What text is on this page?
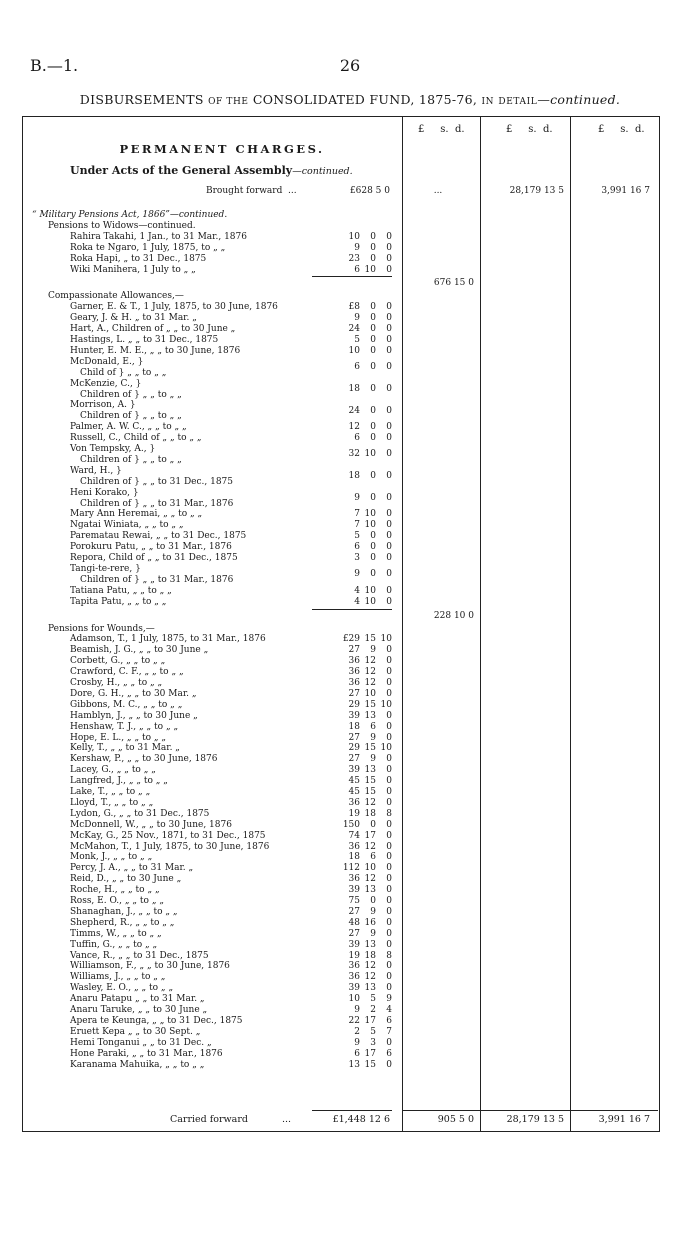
B.—1.	26
DISBURSEMENTS OF THE CONSOLIDATED FUND, 1875-76, IN DETAIL—continued.
£ s. d.	£ s. d.	£ s. d.
PERMANENT CHARGES.
Under Acts of the General Assembly—continued.
Brought forward ...	£628 5 0	...	28,179 13 5	3,991 16 7
“ Military Pensions Act, 1866”—continued.
Pensions to Widows—continued.
Rahira Takahi, 1 Jan., to 31 Mar., 1876	10	0	0
Roka te Ngaro, 1 July, 1875, to „ „	9	0	0
Roka Hapi, „ to 31 Dec., 1875	23	0	0
Wiki Manihera, 1 July to „ „	6 10	0
676 15 0
Compassionate Allowances,—
Garner, E. & T., 1 July, 1875, to 30 June, 1876	£8	0	0
Geary, J. & H. „ to 31 Mar. „	9	0	0
Hart, A., Children of „ „ to 30 June „	24	0	0
Hastings, L. „ „ to 31 Dec., 1875	5	0	0
Hunter, E. M. E., „ „ to 30 June, 1876	10	0	0
McDonald, E., }
Child of } „ „ to „ „
6	0	0
McKenzie, C., }
Children of } „ „ to „ „
18	0	0
Morrison, A. }
Children of } „ „ to „ „
24	0	0
Palmer, A. W. C., „ „ to „ „	12	0	0
Russell, C., Child of „ „ to „ „	6	0	0
Von Tempsky, A., }
Children of } „ „ to „ „
32 10	0
Ward, H., }
Children of } „ „ to 31 Dec., 1875
18	0	0
Heni Korako, }
Children of } „ „ to 31 Mar., 1876
9	0	0
Mary Ann Heremai, „ „ to „ „	7 10	0
Ngatai Winiata, „ „ to „ „	7 10	0
Parematau Rewai, „ „ to 31 Dec., 1875	5	0	0
Porokuru Patu, „ „ to 31 Mar., 1876	6	0	0
Repora, Child of „ „ to 31 Dec., 1875	3	0	0
Tangi-te-rere, }
Children of } „ „ to 31 Mar., 1876
9	0	0
Tatiana Patu, „ „ to „ „	4 10	0
Tapita Patu, „ „ to „ „	4 10	0
228 10 0
Pensions for Wounds,—
Adamson, T., 1 July, 1875, to 31 Mar., 1876	£29 15 10
Beamish, J. G., „ „ to 30 June „	27	9	0
Corbett, G., „ „ to „ „	36 12	0
Crawford, C. F., „ „ to „ „	36 12	0
Crosby, H., „ „ to „ „	36 12	0
Dore, G. H., „ „ to 30 Mar. „	27 10	0
Gibbons, M. C., „ „ to „ „	29 15 10
Hamblyn, J., „ „ to 30 June „	39 13	0
Henshaw, T. J., „ „ to „ „	18	6	0
Hope, E. L., „ „ to „ „	27	9	0
Kelly, T., „ „ to 31 Mar. „	29 15 10
Kershaw, P., „ „ to 30 June, 1876	27	9	0
Lacey, G., „ „ to „ „	39 13	0
Langfred, J., „ „ to „ „	45 15	0
Lake, T., „ „ to „ „	45 15	0
Lloyd, T., „ „ to „ „	36 12	0
Lydon, G., „ „ to 31 Dec., 1875	19 18	8
McDonnell, W., „ „ to 30 June, 1876	150	0	0
McKay, G., 25 Nov., 1871, to 31 Dec., 1875	74 17	0
McMahon, T., 1 July, 1875, to 30 June, 1876	36 12	0
Monk, J., „ „ to „ „	18	6	0
Percy, J. A., „ „ to 31 Mar. „	112 10	0
Reid, D., „ „ to 30 June „	36 12	0
Roche, H., „ „ to „ „	39 13	0
Ross, E. O., „ „ to „ „	75	0	0
Shanaghan, J., „ „ to „ „	27	9	0
Shepherd, R., „ „ to „ „	48 16	0
Timms, W., „ „ to „ „	27	9	0
Tuffin, G., „ „ to „ „	39 13	0
Vance, R., „ „ to 31 Dec., 1875	19 18	8
Williamson, F., „ „ to 30 June, 1876	36 12	0
Williams, J., „ „ to „ „	36 12	0
Wasley, E. O., „ „ to „ „	39 13	0
Anaru Patapu „ „ to 31 Mar. „	10	5	9
Anaru Taruke, „ „ to 30 June „	9	2	4
Apera te Keunga, „ „ to 31 Dec., 1875	22 17	6
Eruett Kepa „ „ to 30 Sept. „	2	5	7
Hemi Tonganui „ „ to 31 Dec. „	9	3	0
Hone Paraki, „ „ to 31 Mar., 1876	6 17	6
Karanama Mahuika, „ „ to „ „	13 15	0
Carried forward	...	£1,448 12 6	905 5 0	28,179 13 5	3,991 16 7
